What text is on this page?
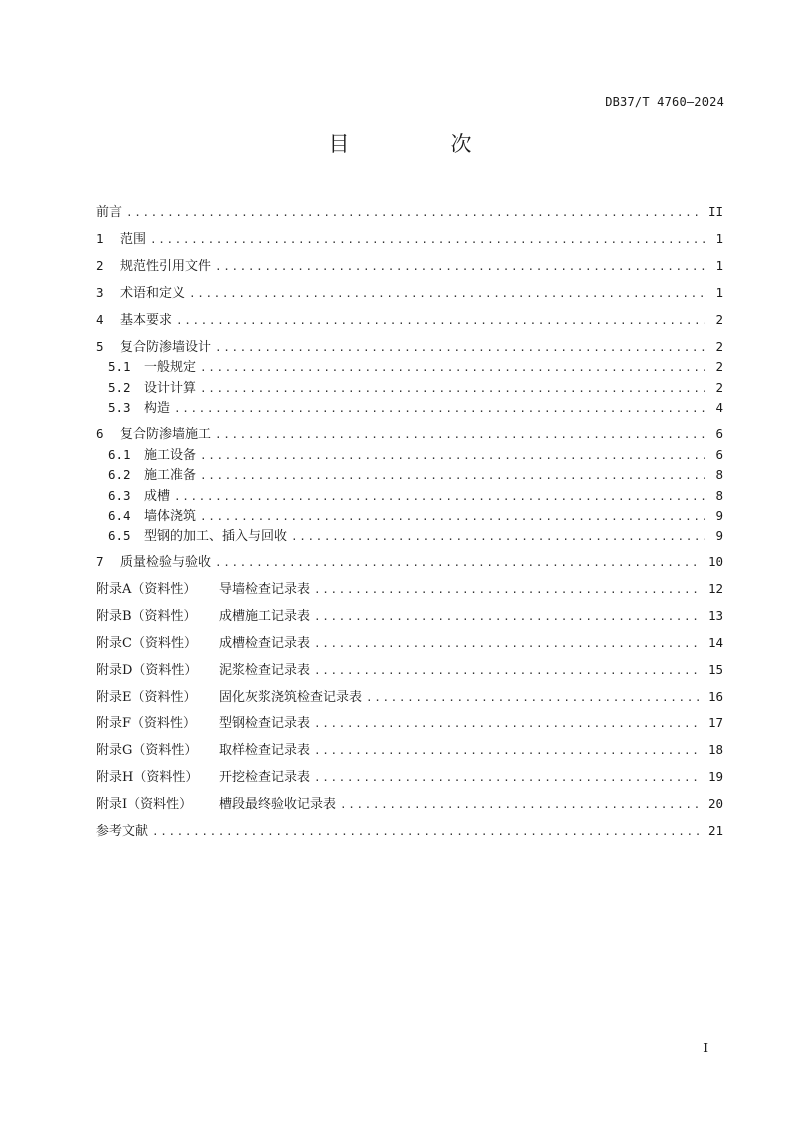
DB37/T 4760—2024
目　次
前言 .....	II
1	范围 .....	1
2	规范性引用文件 .....	1
3	术语和定义 .....	1
4	基本要求 .....	2
5	复合防渗墙设计 .....	2
5.1	一般规定 .....	2
5.2	设计计算 .....	2
5.3	构造 .....	4
6	复合防渗墙施工 .....	6
6.1	施工设备 .....	6
6.2	施工准备 .....	8
6.3	成槽 .....	8
6.4	墙体浇筑 .....	9
6.5	型钢的加工、插入与回收 .....	9
7	质量检验与验收 .....	10
附录A（资料性）	导墙检查记录表 .....	12
附录B（资料性）	成槽施工记录表 .....	13
附录C（资料性）	成槽检查记录表 .....	14
附录D（资料性）	泥浆检查记录表 .....	15
附录E（资料性）	固化灰浆浇筑检查记录表 .....	16
附录F（资料性）	型钢检查记录表 .....	17
附录G（资料性）	取样检查记录表 .....	18
附录H（资料性）	开挖检查记录表 .....	19
附录I（资料性）	槽段最终验收记录表 .....	20
参考文献 .....	21
I
